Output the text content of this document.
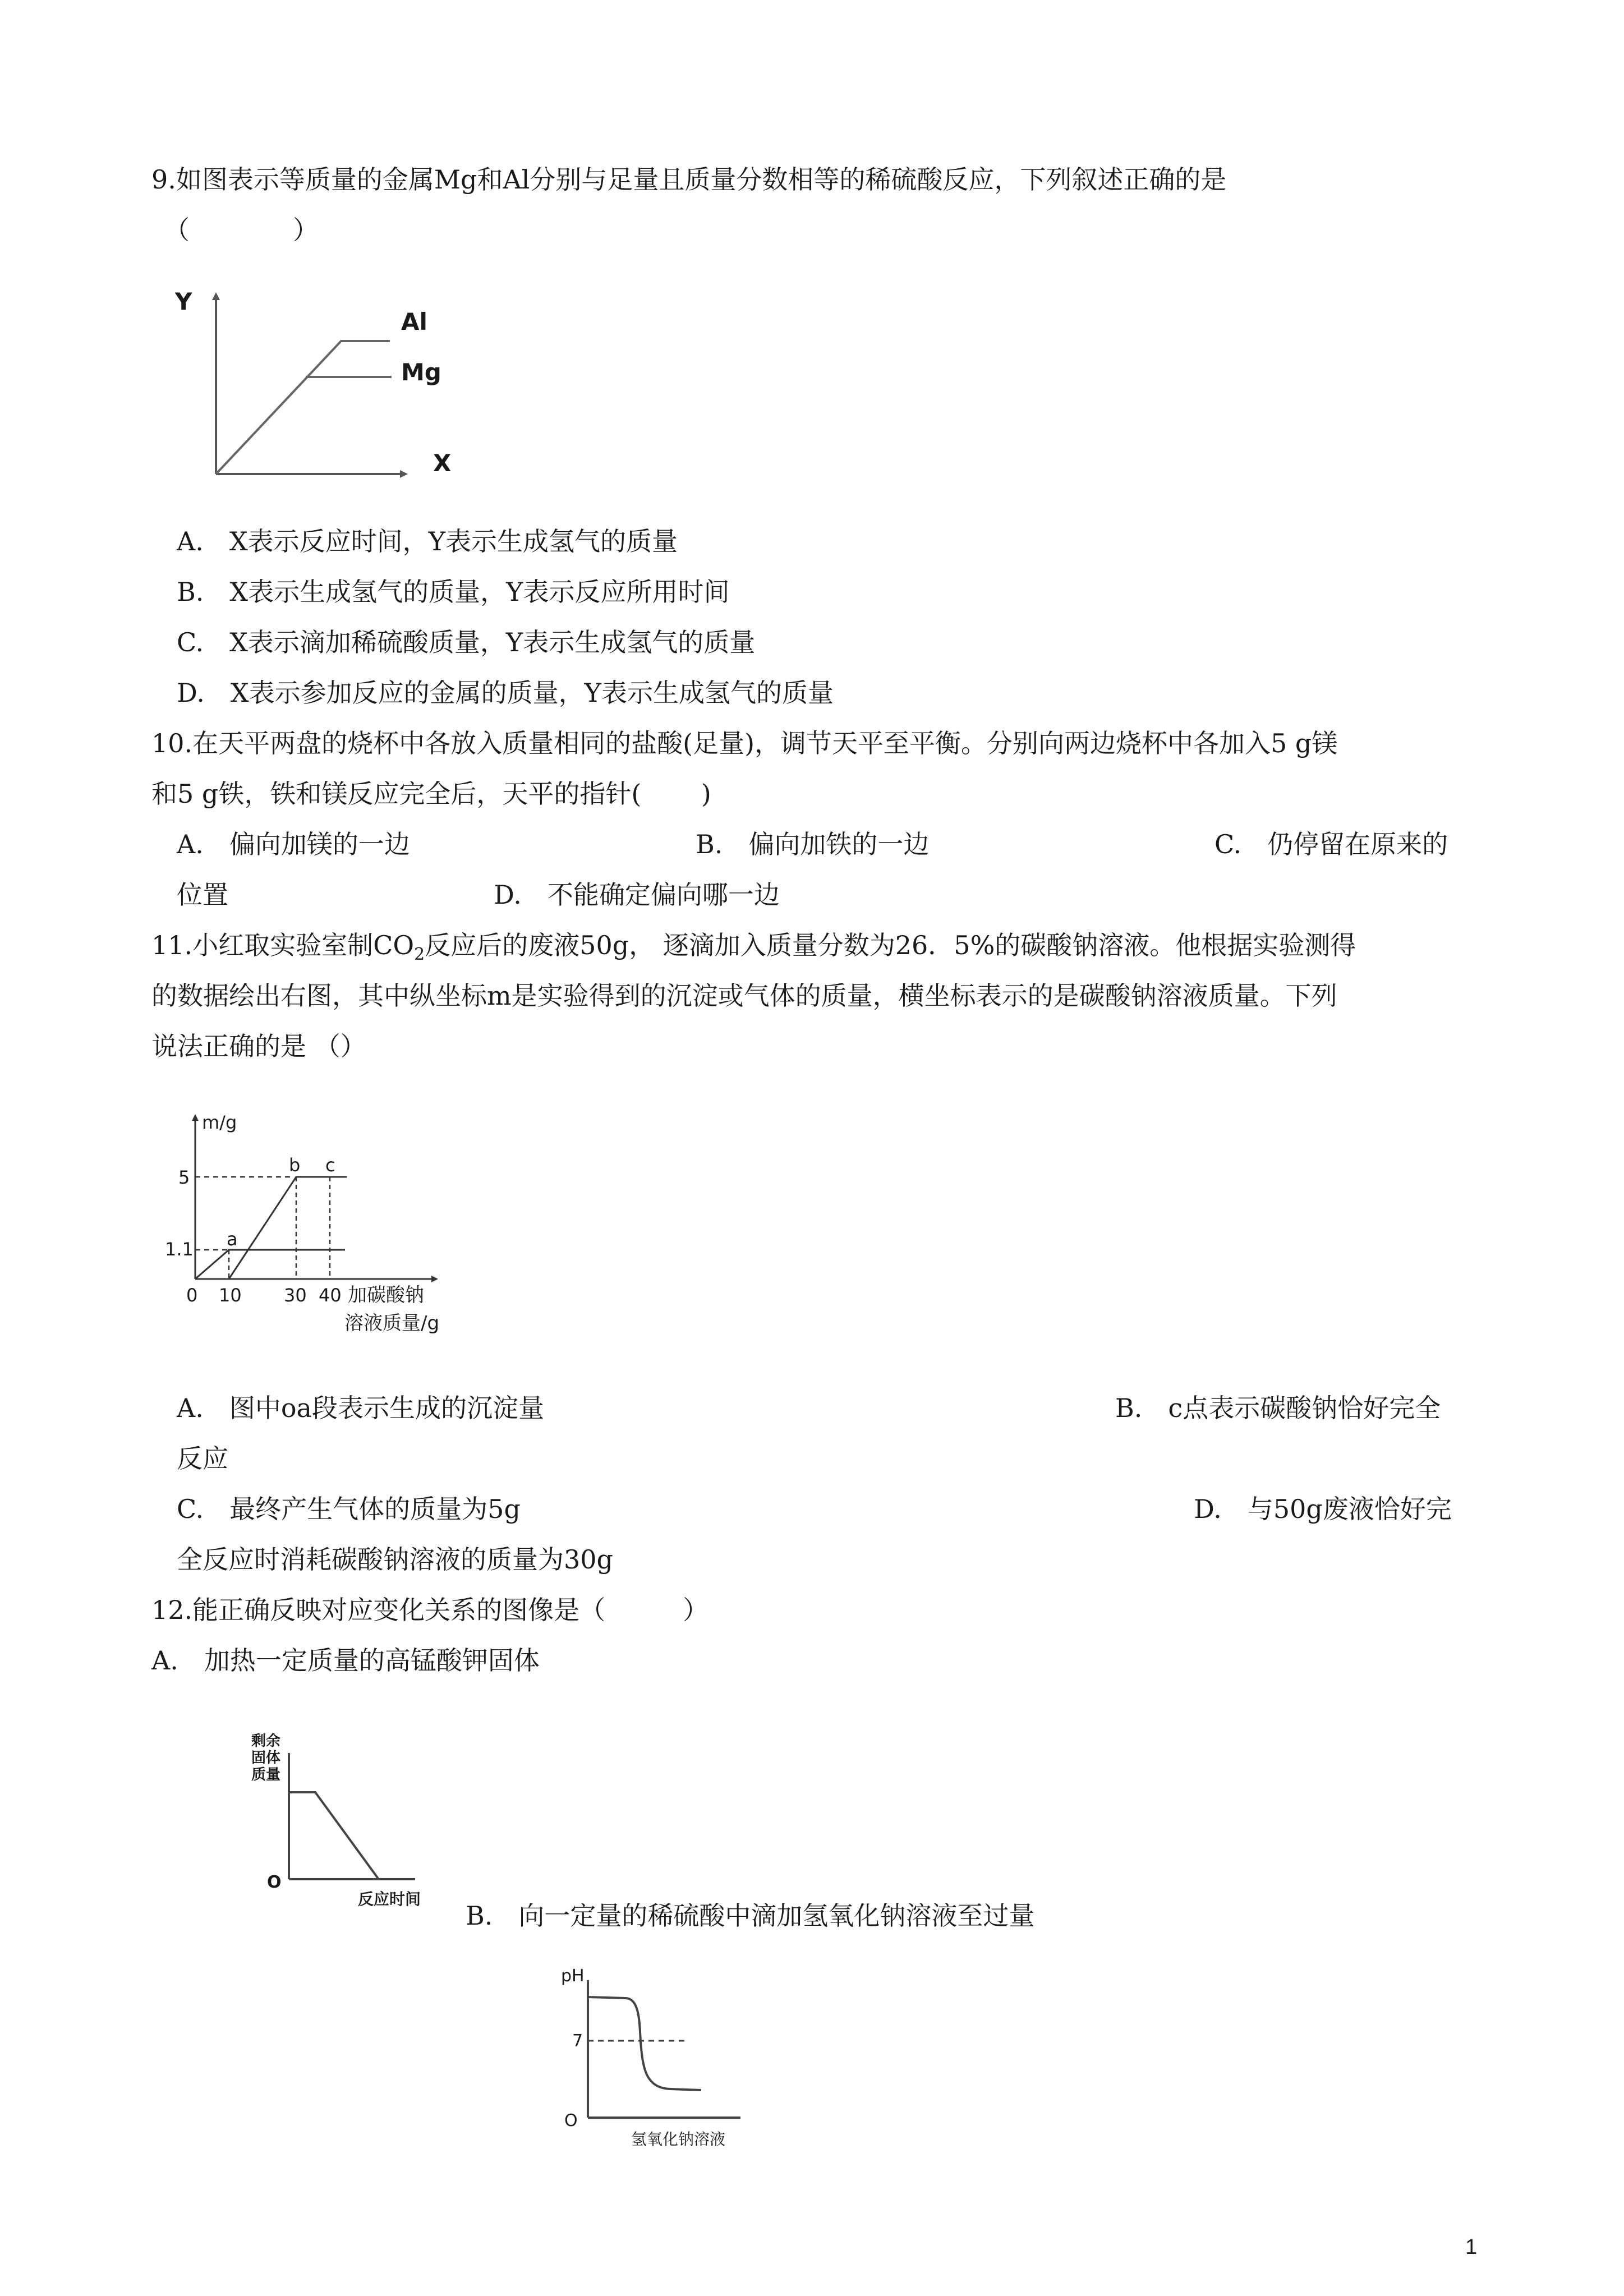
9.如图表示等质量的金属Mg和Al分别与足量且质量分数相等的稀硫酸反应，下列叙述正确的是
（　　　　）
Y
X
Al
Mg
A.　X表示反应时间，Y表示生成氢气的质量
B.　X表示生成氢气的质量，Y表示反应所用时间
C.　X表示滴加稀硫酸质量，Y表示生成氢气的质量
D.　X表示参加反应的金属的质量，Y表示生成氢气的质量
10.在天平两盘的烧杯中各放入质量相同的盐酸(足量)，调节天平至平衡。分别向两边烧杯中各加入5 g镁
和5 g铁，铁和镁反应完全后，天平的指针(　　 )
A.　偏向加镁的一边	B.　偏向加铁的一边	C.　仍停留在原来的
位置	D.　不能确定偏向哪一边
11.小红取实验室制$CO_2$反应后的废液50g， 逐滴加入质量分数为26．5%的碳酸钠溶液。他根据实验测得
的数据绘出右图，其中纵坐标m是实验得到的沉淀或气体的质量，横坐标表示的是碳酸钠溶液质量。下列
说法正确的是 （）
m/g
5
1.1
0 10 30 40
a
b c
加碳酸钠
溶液质量/g
A.　图中oa段表示生成的沉淀量	B.　c点表示碳酸钠恰好完全
反应
C.　最终产生气体的质量为5g	D.　与50g废液恰好完
全反应时消耗碳酸钠溶液的质量为30g
12.能正确反映对应变化关系的图像是（　　　）
A.　加热一定质量的高锰酸钾固体
剩 余
固 体
质 量
O
反应时间
B.　向一定量的稀硫酸中滴加氢氧化钠溶液至过量
pH
7
O
氢氧化钠溶液
1
